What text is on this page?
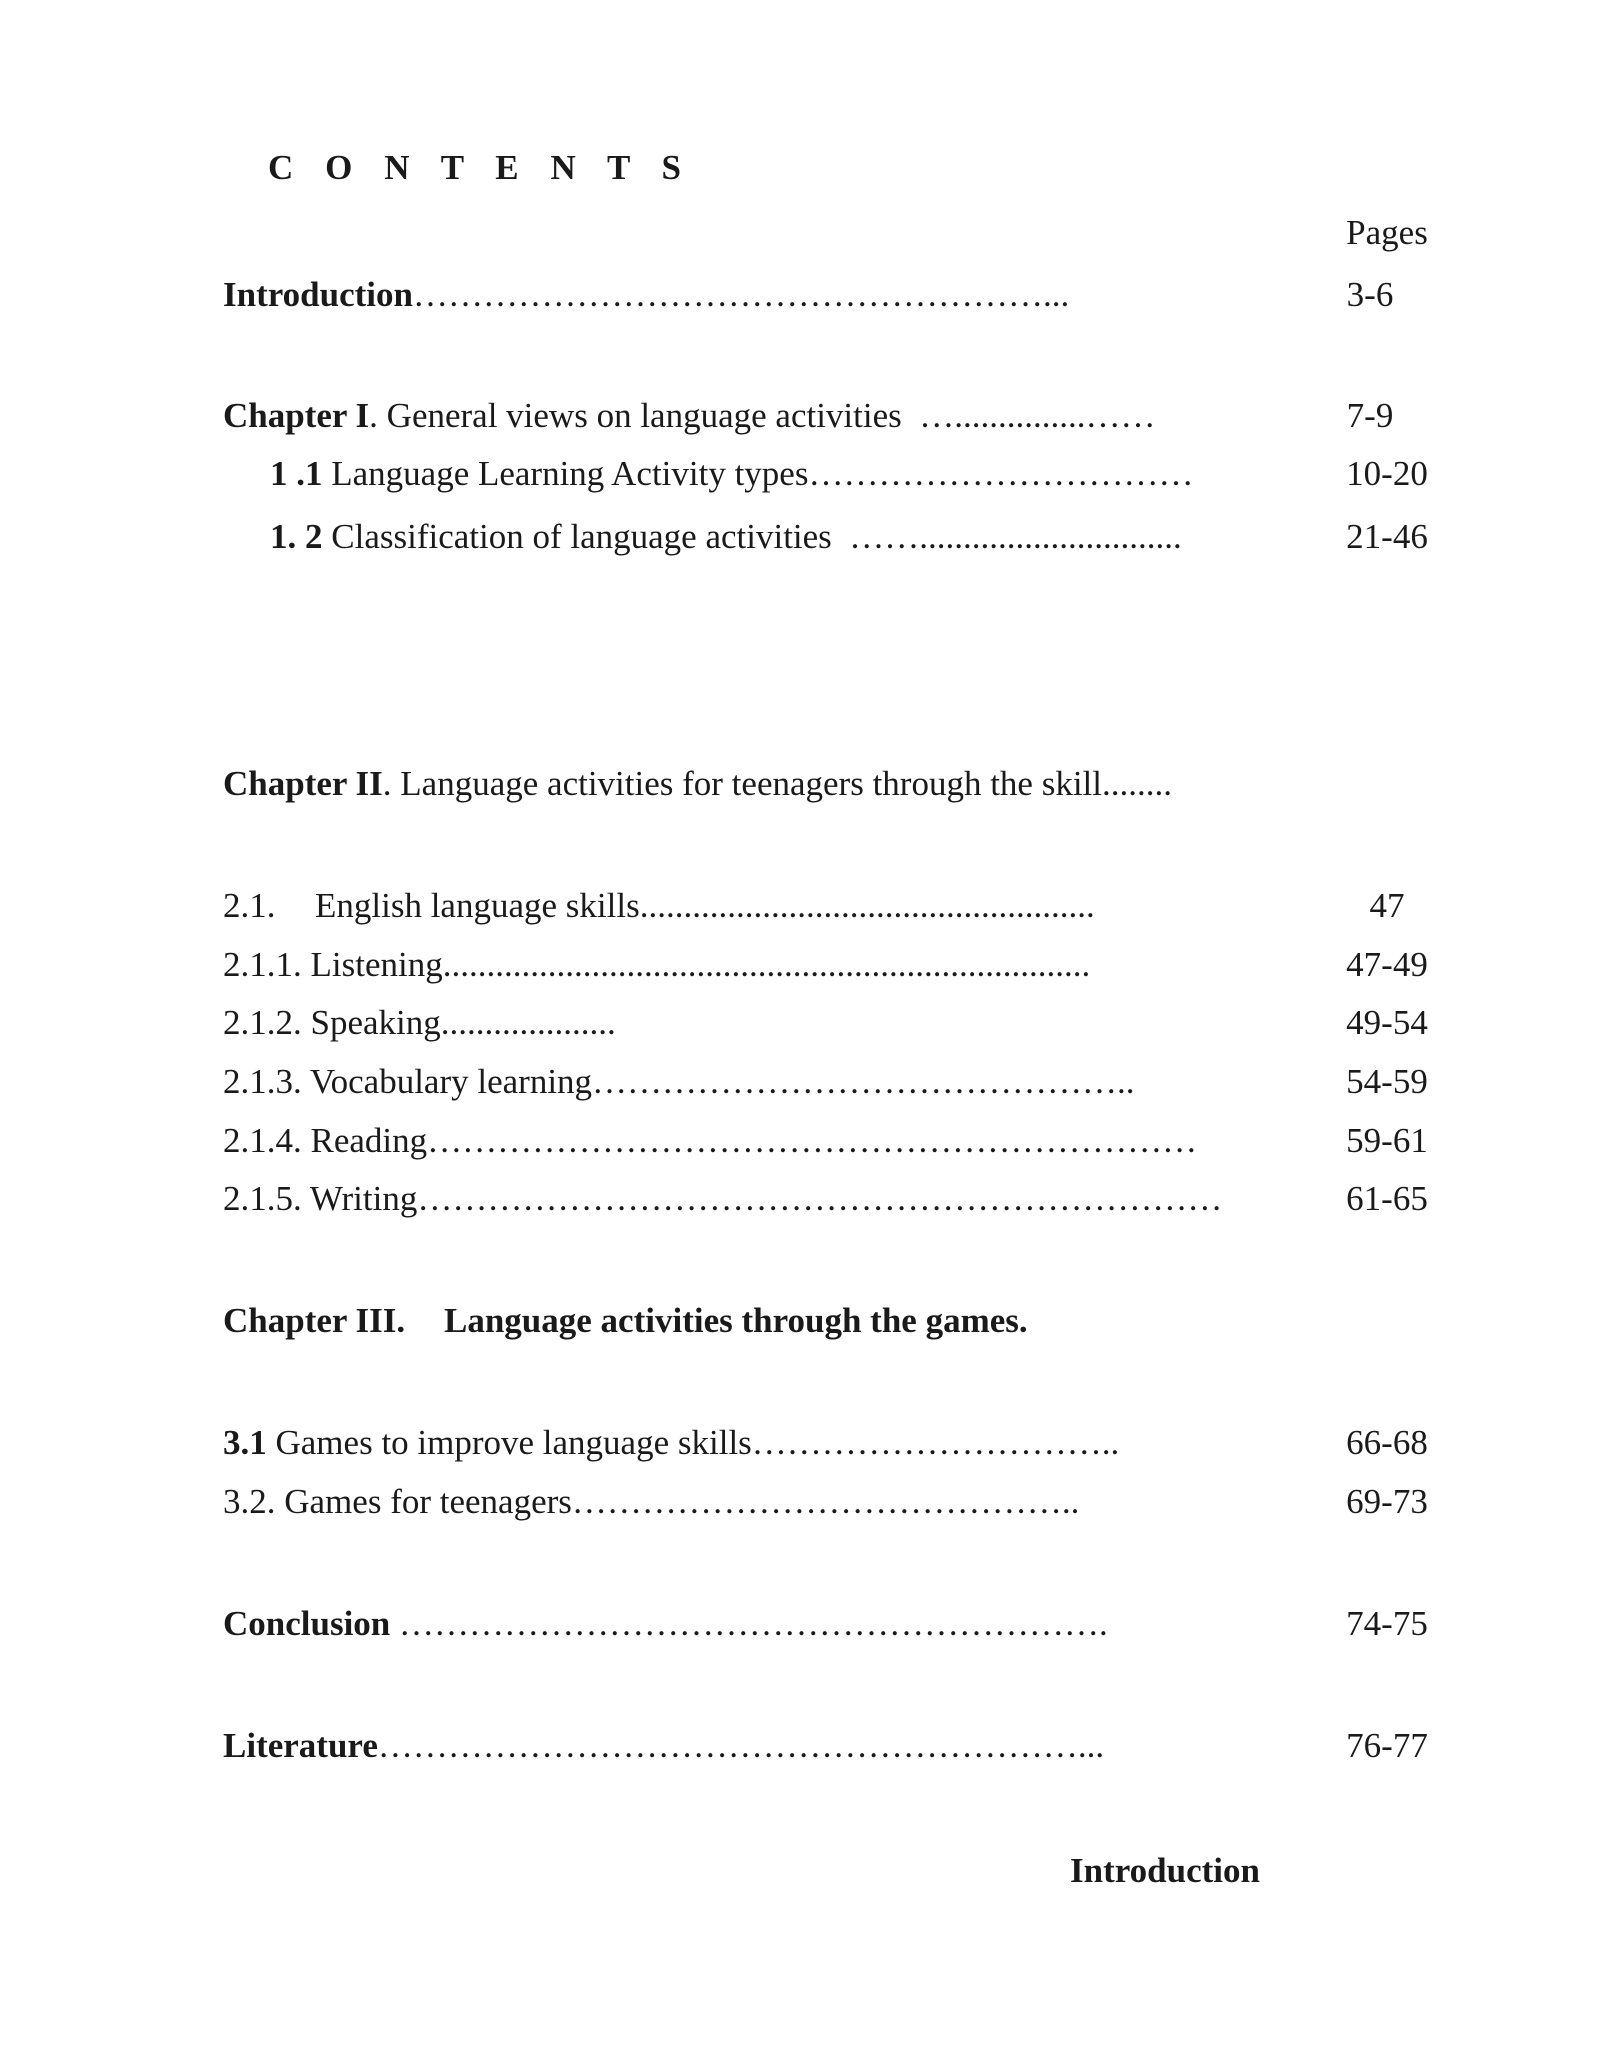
C O N T E N T S
Pages
Introduction………………………………………………...	3-6
Chapter I. General views on language activities  …...............……	7-9
1 .1 Language Learning Activity types……………………………	10-20
1. 2 Classification of language activities  ……..............................	21-46
Chapter II. Language activities for teenagers through the skill........
2.1. English language skills....................................................	47
2.1.1. Listening..........................................................................	47-49
2.1.2. Speaking....................	49-54
2.1.3. Vocabulary learning………………………………………..	54-59
2.1.4. Reading…………………………………………………………	59-61
2.1.5. Writing……………………………………………………………	61-65
Chapter III. Language activities through the games.
3.1 Games to improve language skills…………………………..	66-68
3.2. Games for teenagers……………………………………..	69-73
Conclusion …………………………………………………….	74-75
Literature……………………………………………………...	76-77
Introduction
